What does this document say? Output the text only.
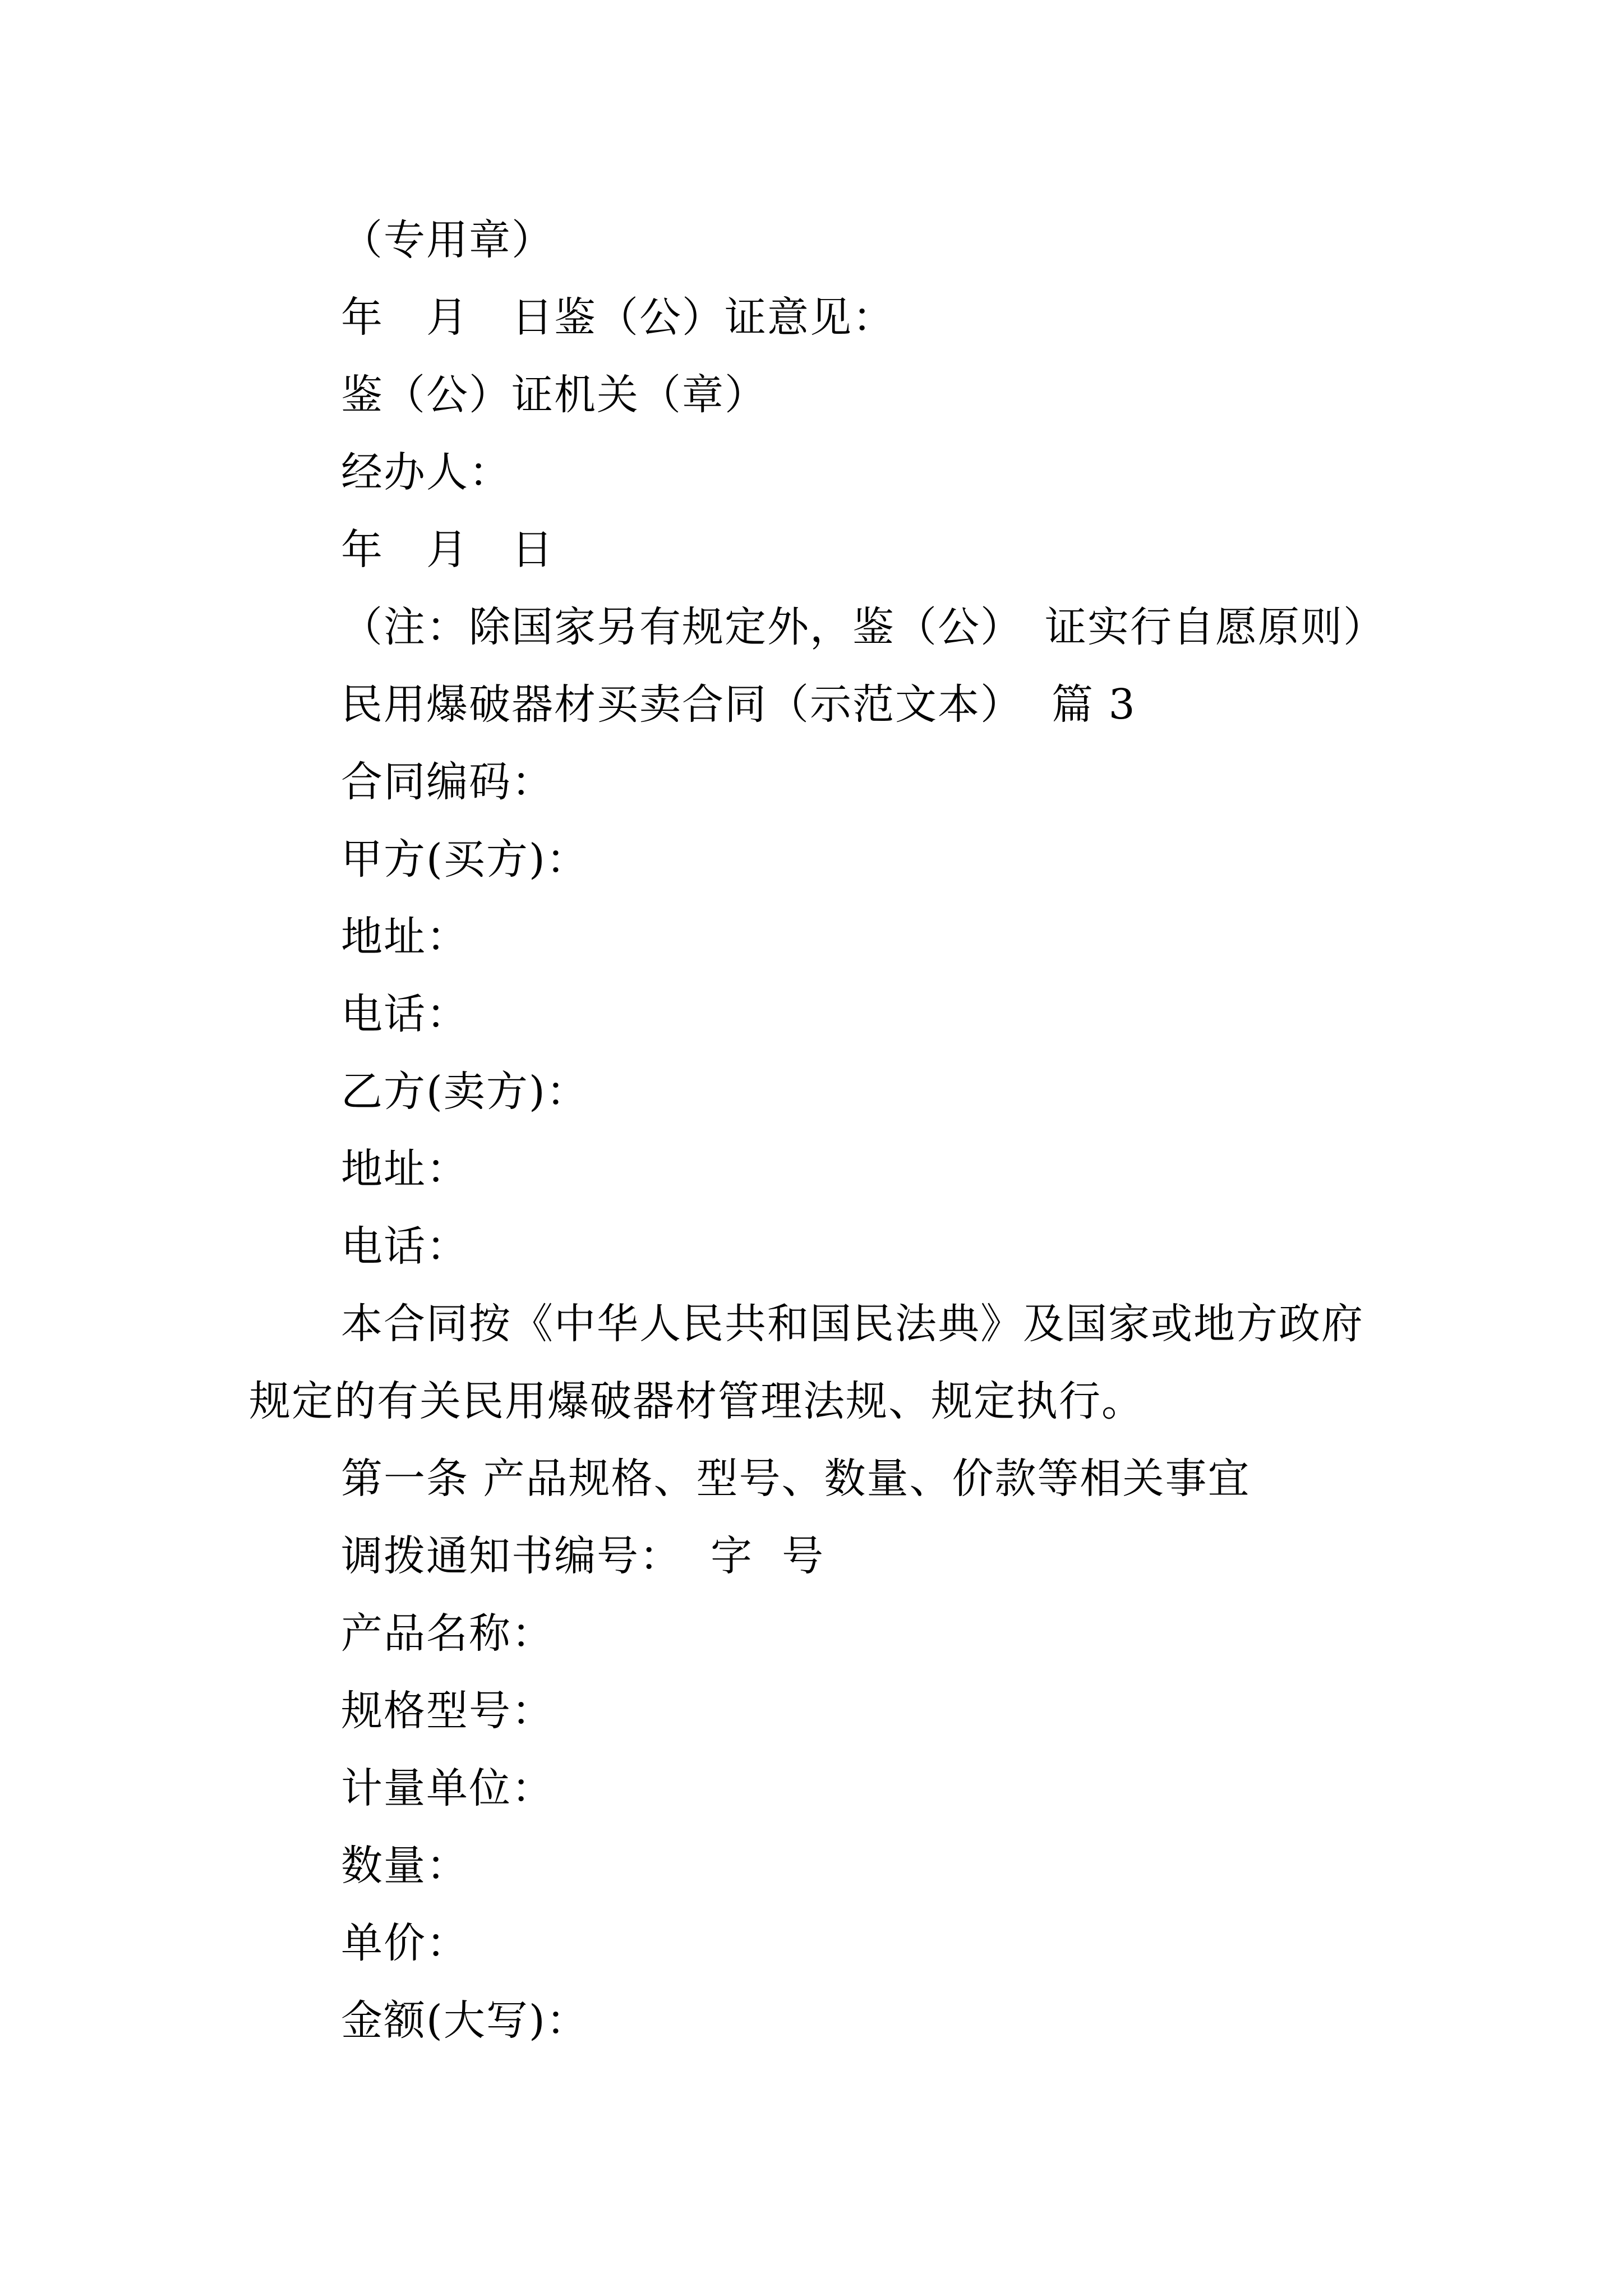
（专用章）
年　月　日鉴（公）证意见：
鉴（公）证机关（章）
经办人：
年　月　日
（注：除国家另有规定外，鉴（公）　证实行自愿原则）
民用爆破器材买卖合同（示范文本）  篇 3
合同编码：
甲方(买方)：
地址：
电话：
乙方(卖方)：
地址：
电话：
本合同按《中华人民共和国民法典》及国家或地方政府
规定的有关民用爆破器材管理法规、规定执行。
第一条 产品规格、型号、数量、价款等相关事宜
调拨通知书编号：  字  号
产品名称：
规格型号：
计量单位：
数量：
单价：
金额(大写)：
